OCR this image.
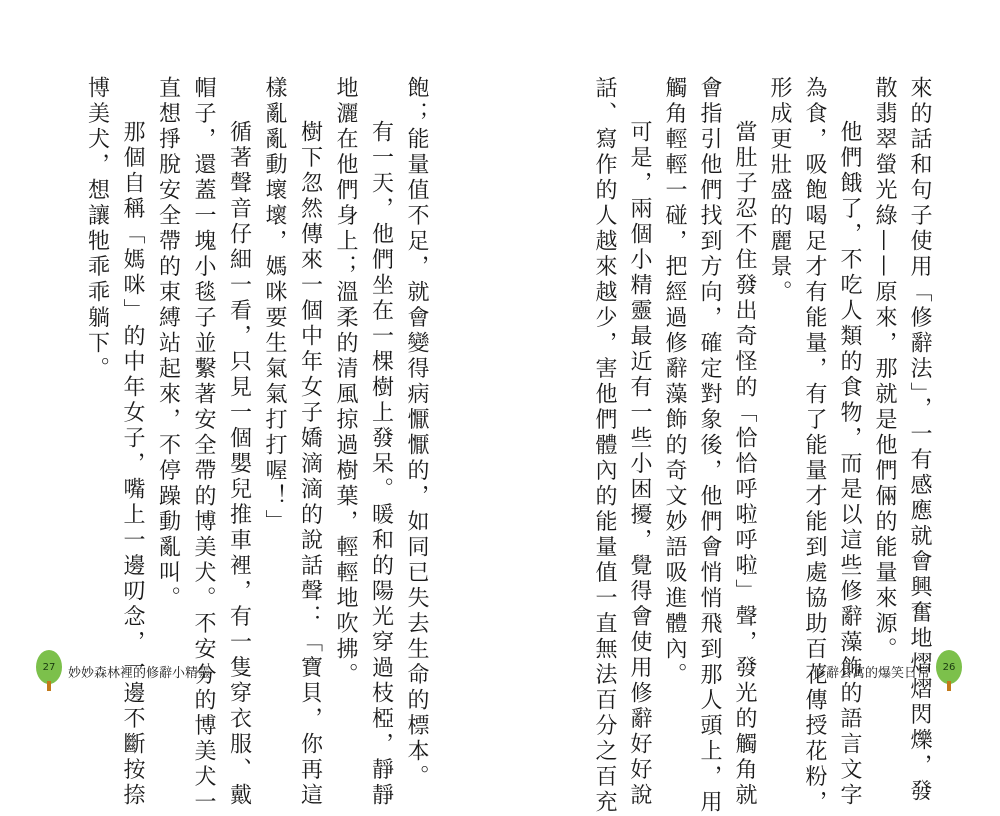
飽；能量值不足，就會變得病懨懨的，如同已失去生命的標本。
有一天，他們坐在一棵樹上發呆。暖和的陽光穿過枝椏，靜靜
地灑在他們身上；溫柔的清風掠過樹葉，輕輕地吹拂。
樹下忽然傳來一個中年女子嬌滴滴的說話聲：「寶貝，你再這
樣亂亂動壞壞，媽咪要生氣氣打打喔！」
循著聲音仔細一看，只見一個嬰兒推車裡，有一隻穿衣服、戴
帽子，還蓋一塊小毯子並繫著安全帶的博美犬。不安分的博美犬一
直想掙脫安全帶的束縛站起來，不停躁動亂叫。
那個自稱「媽咪」的中年女子，嘴上一邊叨念，一邊不斷按捺
博美犬，想讓牠乖乖躺下。	來的話和句子使用「修辭法」，一有感應就會興奮地熠熠閃爍，發
散翡翠螢光綠——原來，那就是他們倆的能量來源。
他們餓了，不吃人類的食物，而是以這些修辭藻飾的語言文字
為食，吸飽喝足才有能量，有了能量才能到處協助百花傳授花粉，
形成更壯盛的麗景。
當肚子忍不住發出奇怪的「恰恰呼啦呼啦」聲，發光的觸角就
會指引他們找到方向，確定對象後，他們會悄悄飛到那人頭上，用
觸角輕輕一碰，把經過修辭藻飾的奇文妙語吸進體內。
可是，兩個小精靈最近有一些小困擾，覺得會使用修辭好好說
話、寫作的人越來越少，害他們體內的能量值一直無法百分之百充
27 妙妙森林裡的修辭小精靈	修辭公寓的爆笑日常 26
